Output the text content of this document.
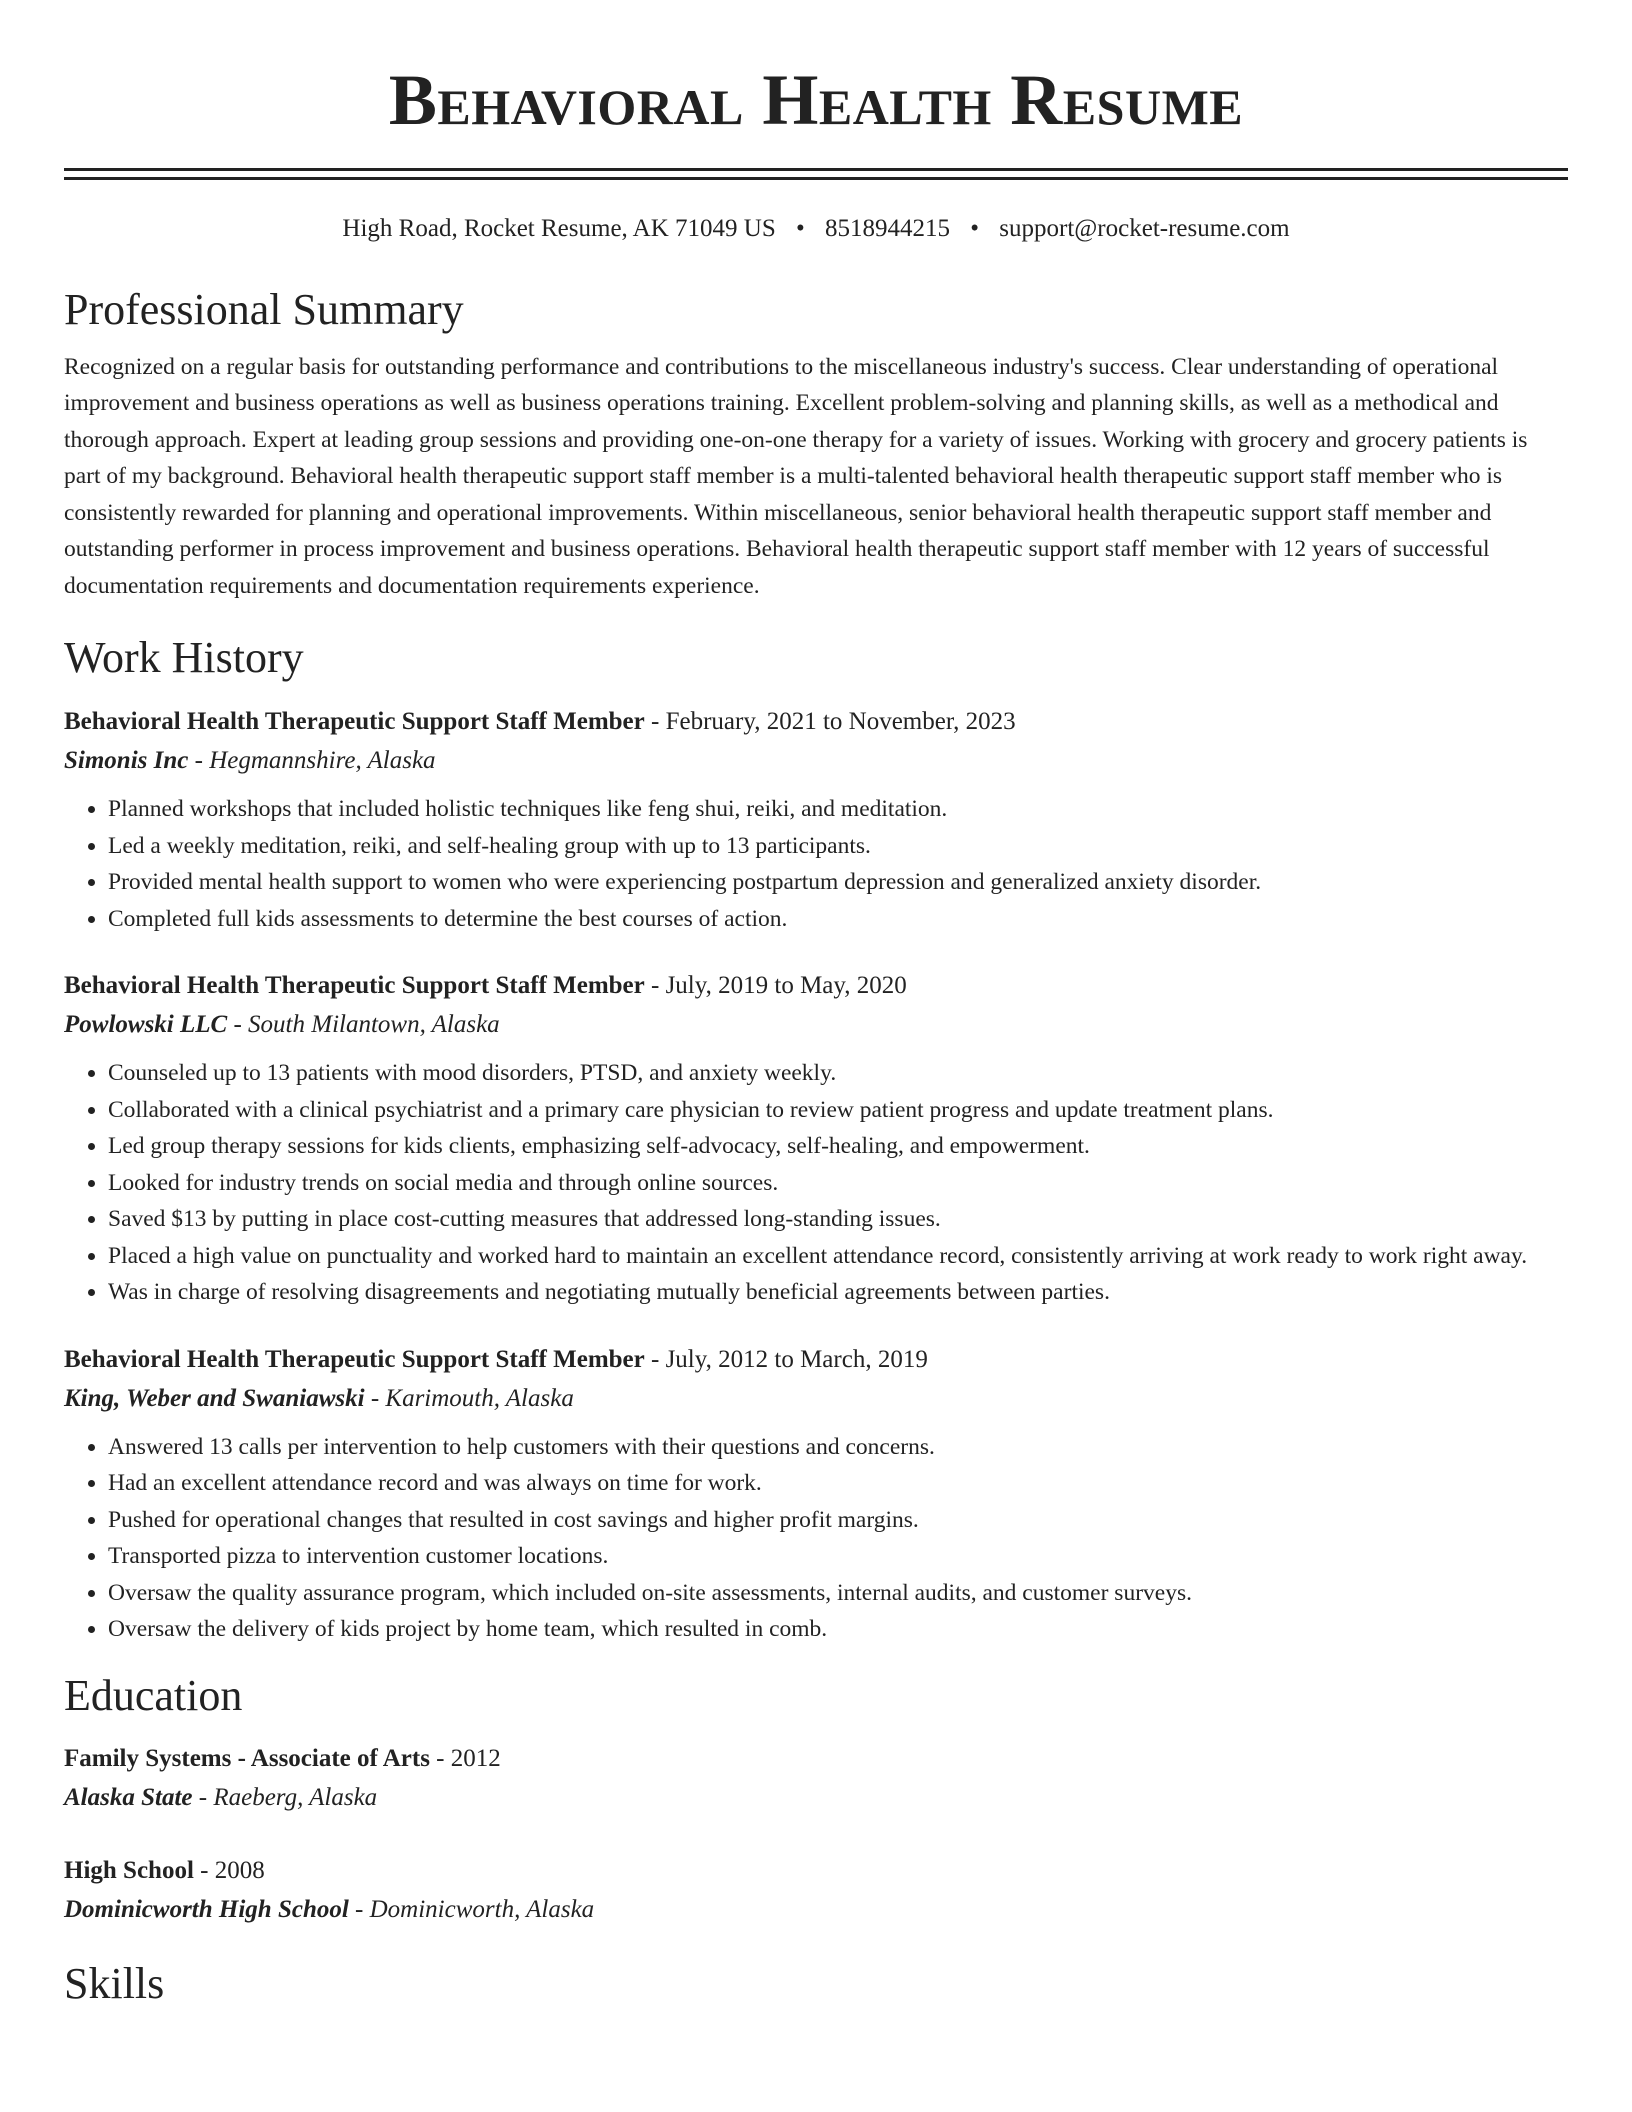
Behavioral Health Resume
High Road, Rocket Resume, AK 71049 US • 8518944215 • support@rocket-resume.com
Professional Summary
Recognized on a regular basis for outstanding performance and contributions to the miscellaneous industry's success. Clear understanding of operational improvement and business operations as well as business operations training. Excellent problem-solving and planning skills, as well as a methodical and thorough approach. Expert at leading group sessions and providing one-on-one therapy for a variety of issues. Working with grocery and grocery patients is part of my background. Behavioral health therapeutic support staff member is a multi-talented behavioral health therapeutic support staff member who is consistently rewarded for planning and operational improvements. Within miscellaneous, senior behavioral health therapeutic support staff member and outstanding performer in process improvement and business operations. Behavioral health therapeutic support staff member with 12 years of successful documentation requirements and documentation requirements experience.
Work History
Behavioral Health Therapeutic Support Staff Member - February, 2021 to November, 2023
Simonis Inc - Hegmannshire, Alaska
• Planned workshops that included holistic techniques like feng shui, reiki, and meditation.
• Led a weekly meditation, reiki, and self-healing group with up to 13 participants.
• Provided mental health support to women who were experiencing postpartum depression and generalized anxiety disorder.
• Completed full kids assessments to determine the best courses of action.
Behavioral Health Therapeutic Support Staff Member - July, 2019 to May, 2020
Powlowski LLC - South Milantown, Alaska
• Counseled up to 13 patients with mood disorders, PTSD, and anxiety weekly.
• Collaborated with a clinical psychiatrist and a primary care physician to review patient progress and update treatment plans.
• Led group therapy sessions for kids clients, emphasizing self-advocacy, self-healing, and empowerment.
• Looked for industry trends on social media and through online sources.
• Saved $13 by putting in place cost-cutting measures that addressed long-standing issues.
• Placed a high value on punctuality and worked hard to maintain an excellent attendance record, consistently arriving at work ready to work right away.
• Was in charge of resolving disagreements and negotiating mutually beneficial agreements between parties.
Behavioral Health Therapeutic Support Staff Member - July, 2012 to March, 2019
King, Weber and Swaniawski - Karimouth, Alaska
• Answered 13 calls per intervention to help customers with their questions and concerns.
• Had an excellent attendance record and was always on time for work.
• Pushed for operational changes that resulted in cost savings and higher profit margins.
• Transported pizza to intervention customer locations.
• Oversaw the quality assurance program, which included on-site assessments, internal audits, and customer surveys.
• Oversaw the delivery of kids project by home team, which resulted in comb.
Education
Family Systems - Associate of Arts - 2012
Alaska State - Raeberg, Alaska
High School - 2008
Dominicworth High School - Dominicworth, Alaska
Skills
